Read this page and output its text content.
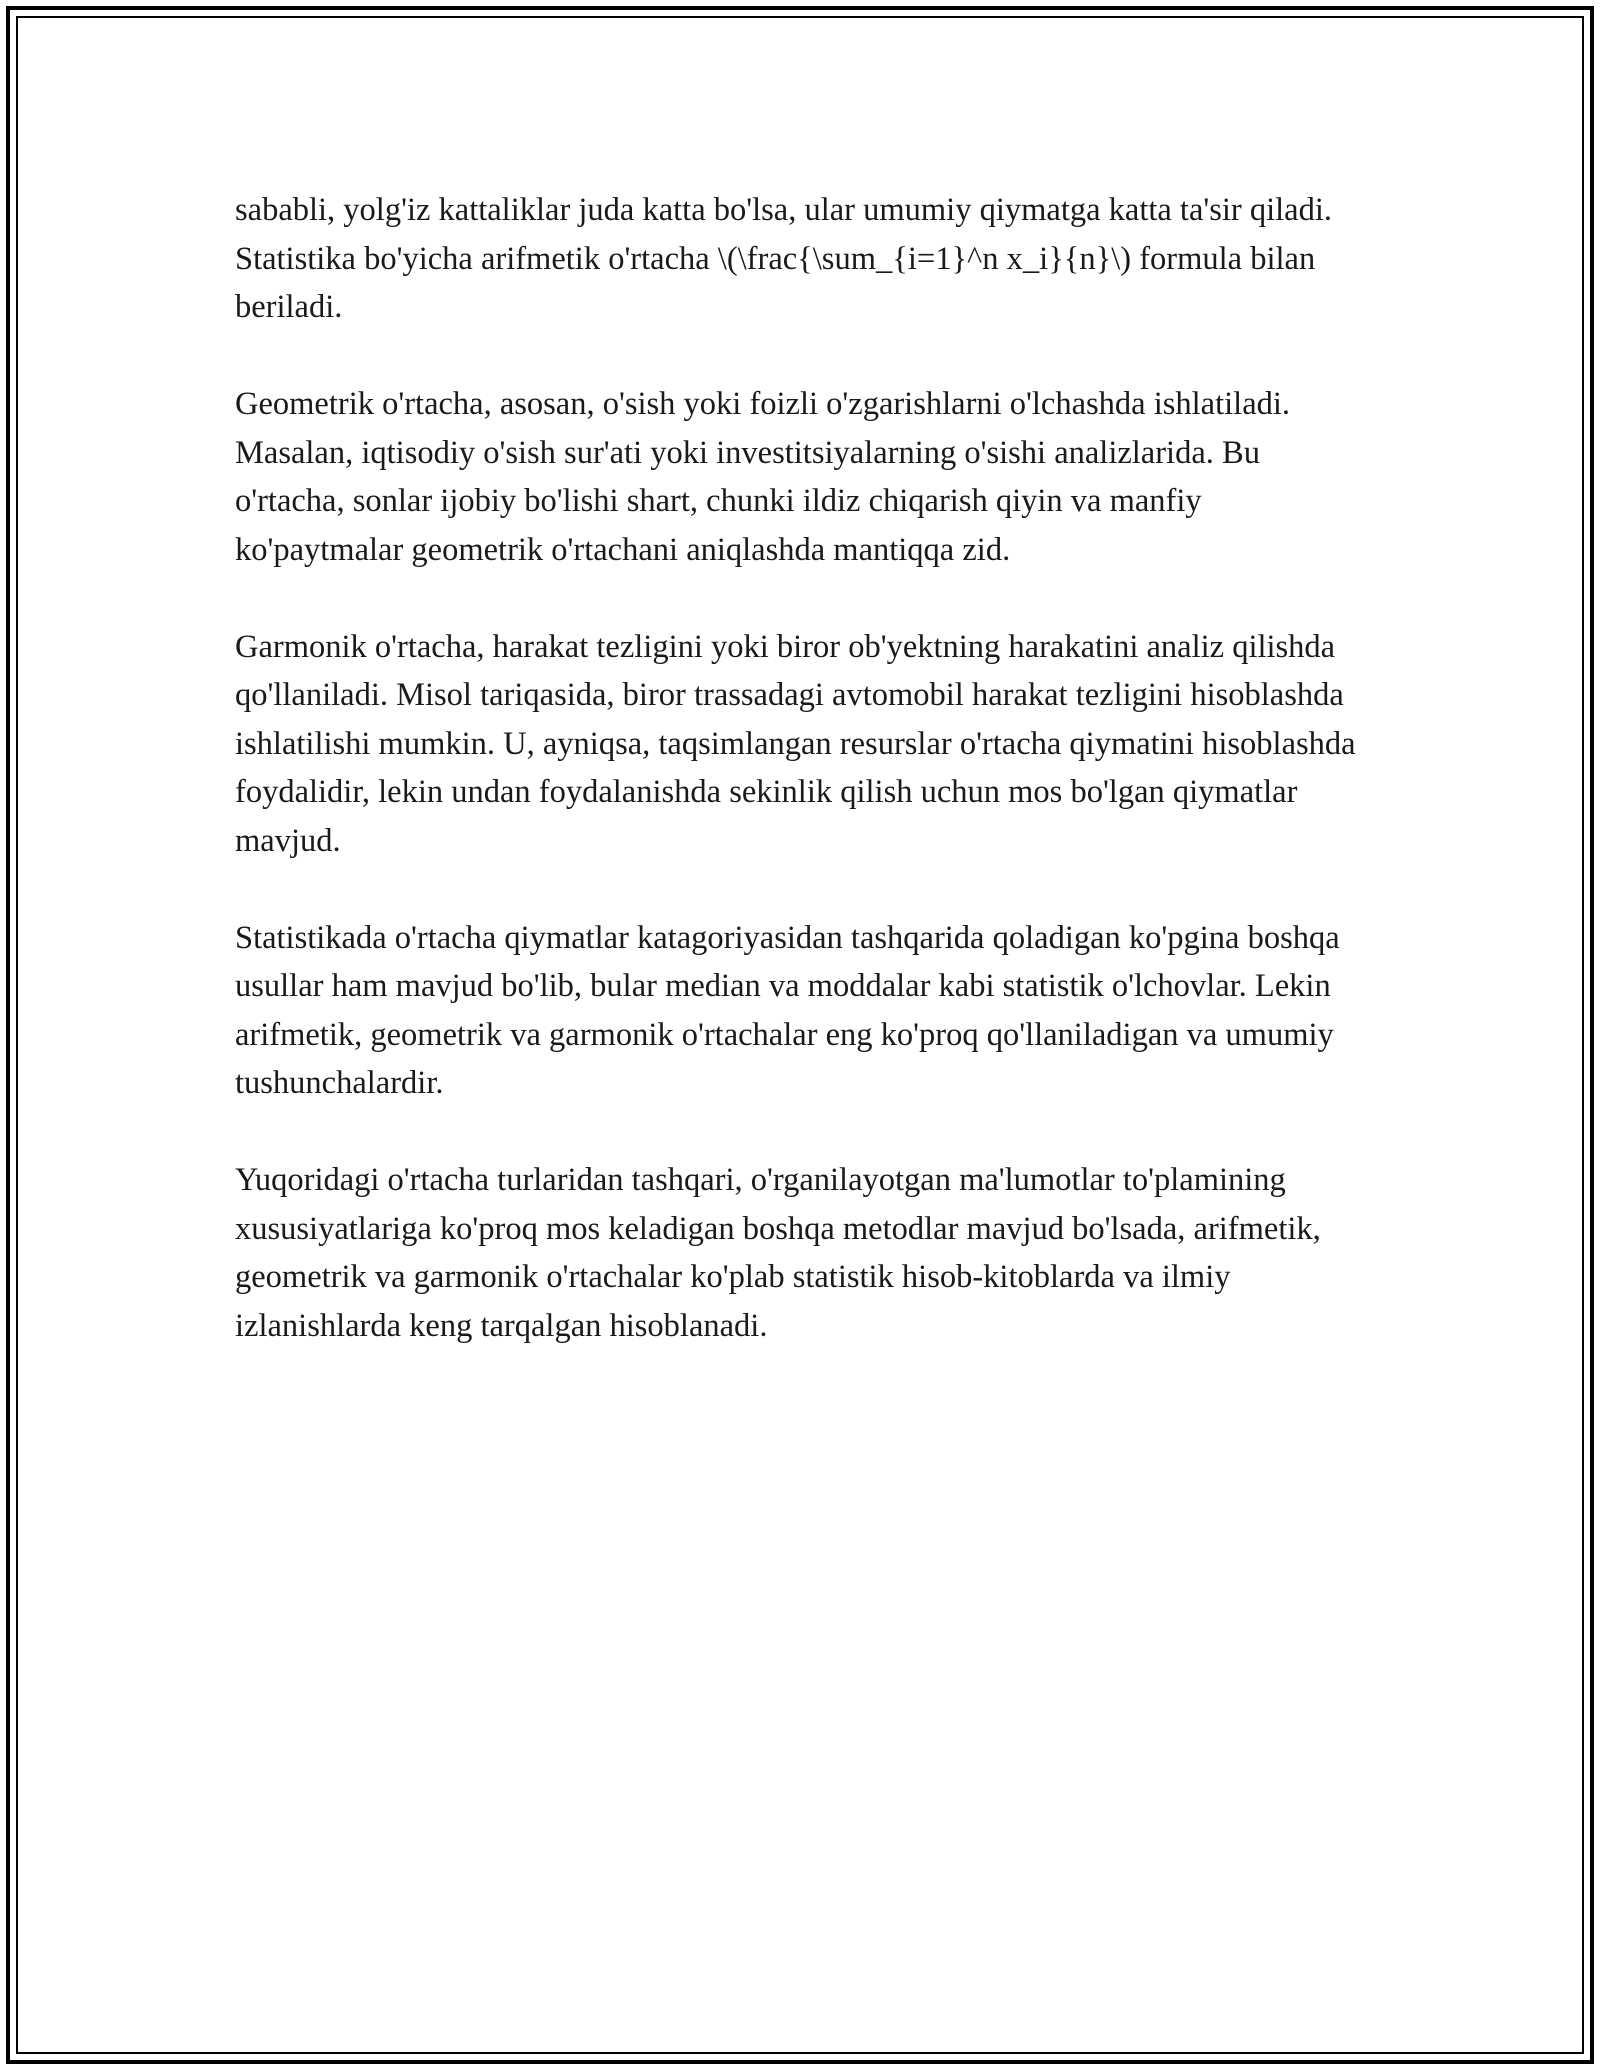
sababli, yolg'iz kattaliklar juda katta bo'lsa, ular umumiy qiymatga katta ta'sir qiladi. Statistika bo'yicha arifmetik o'rtacha \(\frac{\sum_{i=1}^n x_i}{n}\) formula bilan beriladi.

Geometrik o'rtacha, asosan, o'sish yoki foizli o'zgarishlarni o'lchashda ishlatiladi. Masalan, iqtisodiy o'sish sur'ati yoki investitsiyalarning o'sishi analizlarida. Bu o'rtacha, sonlar ijobiy bo'lishi shart, chunki ildiz chiqarish qiyin va manfiy ko'paytmalar geometrik o'rtachani aniqlashda mantiqqa zid.

Garmonik o'rtacha, harakat tezligini yoki biror ob'yektning harakatini analiz qilishda qo'llaniladi. Misol tariqasida, biror trassadagi avtomobil harakat tezligini hisoblashda ishlatilishi mumkin. U, ayniqsa, taqsimlangan resurslar o'rtacha qiymatini hisoblashda foydalidir, lekin undan foydalanishda sekinlik qilish uchun mos bo'lgan qiymatlar mavjud.

Statistikada o'rtacha qiymatlar katagoriyasidan tashqarida qoladigan ko'pgina boshqa usullar ham mavjud bo'lib, bular median va moddalar kabi statistik o'lchovlar. Lekin arifmetik, geometrik va garmonik o'rtachalar eng ko'proq qo'llaniladigan va umumiy tushunchalardir.

Yuqoridagi o'rtacha turlaridan tashqari, o'rganilayotgan ma'lumotlar to'plamining xususiyatlariga ko'proq mos keladigan boshqa metodlar mavjud bo'lsada, arifmetik, geometrik va garmonik o'rtachalar ko'plab statistik hisob-kitoblarda va ilmiy izlanishlarda keng tarqalgan hisoblanadi.
